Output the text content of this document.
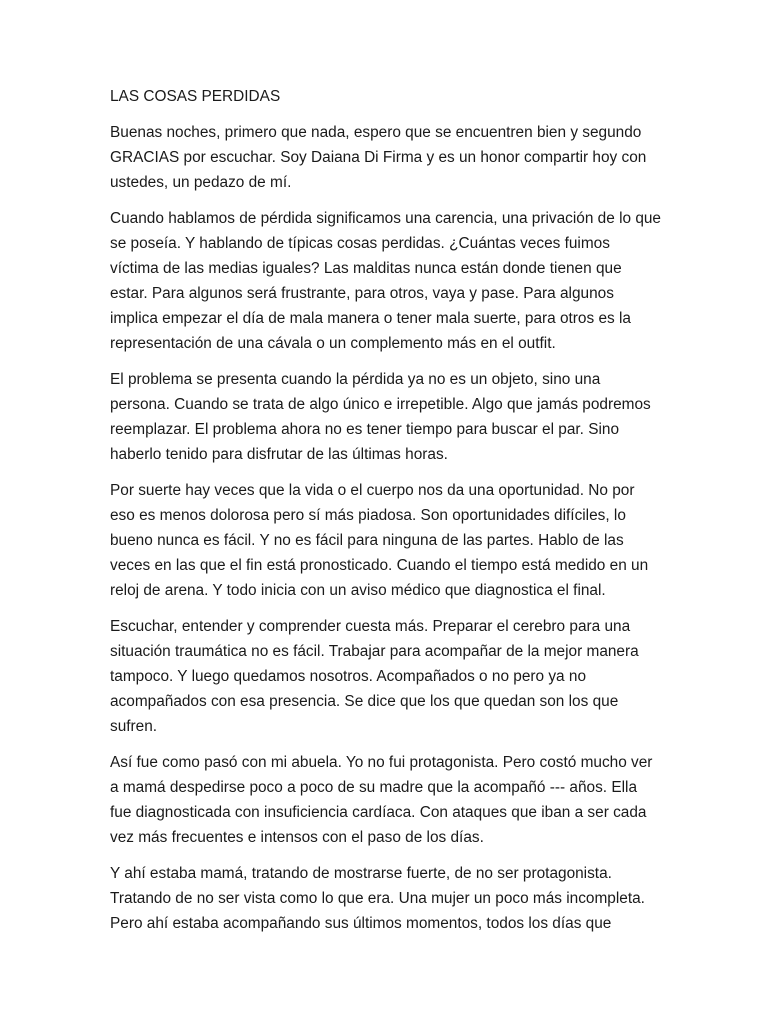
LAS COSAS PERDIDAS

Buenas noches, primero que nada, espero que se encuentren bien y segundo GRACIAS por escuchar. Soy Daiana Di Firma y es un honor compartir hoy con ustedes, un pedazo de mí.

Cuando hablamos de pérdida significamos una carencia, una privación de lo que se poseía. Y hablando de típicas cosas perdidas. ¿Cuántas veces fuimos víctima de las medias iguales? Las malditas nunca están donde tienen que estar. Para algunos será frustrante, para otros, vaya y pase. Para algunos implica empezar el día de mala manera o tener mala suerte, para otros es la representación de una cávala o un complemento más en el outfit.

El problema se presenta cuando la pérdida ya no es un objeto, sino una persona. Cuando se trata de algo único e irrepetible. Algo que jamás podremos reemplazar. El problema ahora no es tener tiempo para buscar el par. Sino haberlo tenido para disfrutar de las últimas horas.

Por suerte hay veces que la vida o el cuerpo nos da una oportunidad. No por eso es menos dolorosa pero sí más piadosa. Son oportunidades difíciles, lo bueno nunca es fácil. Y no es fácil para ninguna de las partes. Hablo de las veces en las que el fin está pronosticado. Cuando el tiempo está medido en un reloj de arena. Y todo inicia con un aviso médico que diagnostica el final.

Escuchar, entender y comprender cuesta más. Preparar el cerebro para una situación traumática no es fácil. Trabajar para acompañar de la mejor manera tampoco. Y luego quedamos nosotros. Acompañados o no pero ya no acompañados con esa presencia. Se dice que los que quedan son los que sufren.

Así fue como pasó con mi abuela. Yo no fui protagonista. Pero costó mucho ver a mamá despedirse poco a poco de su madre que la acompañó --- años. Ella fue diagnosticada con insuficiencia cardíaca. Con ataques que iban a ser cada vez más frecuentes e intensos con el paso de los días.

Y ahí estaba mamá, tratando de mostrarse fuerte, de no ser protagonista. Tratando de no ser vista como lo que era. Una mujer un poco más incompleta. Pero ahí estaba acompañando sus últimos momentos, todos los días que
